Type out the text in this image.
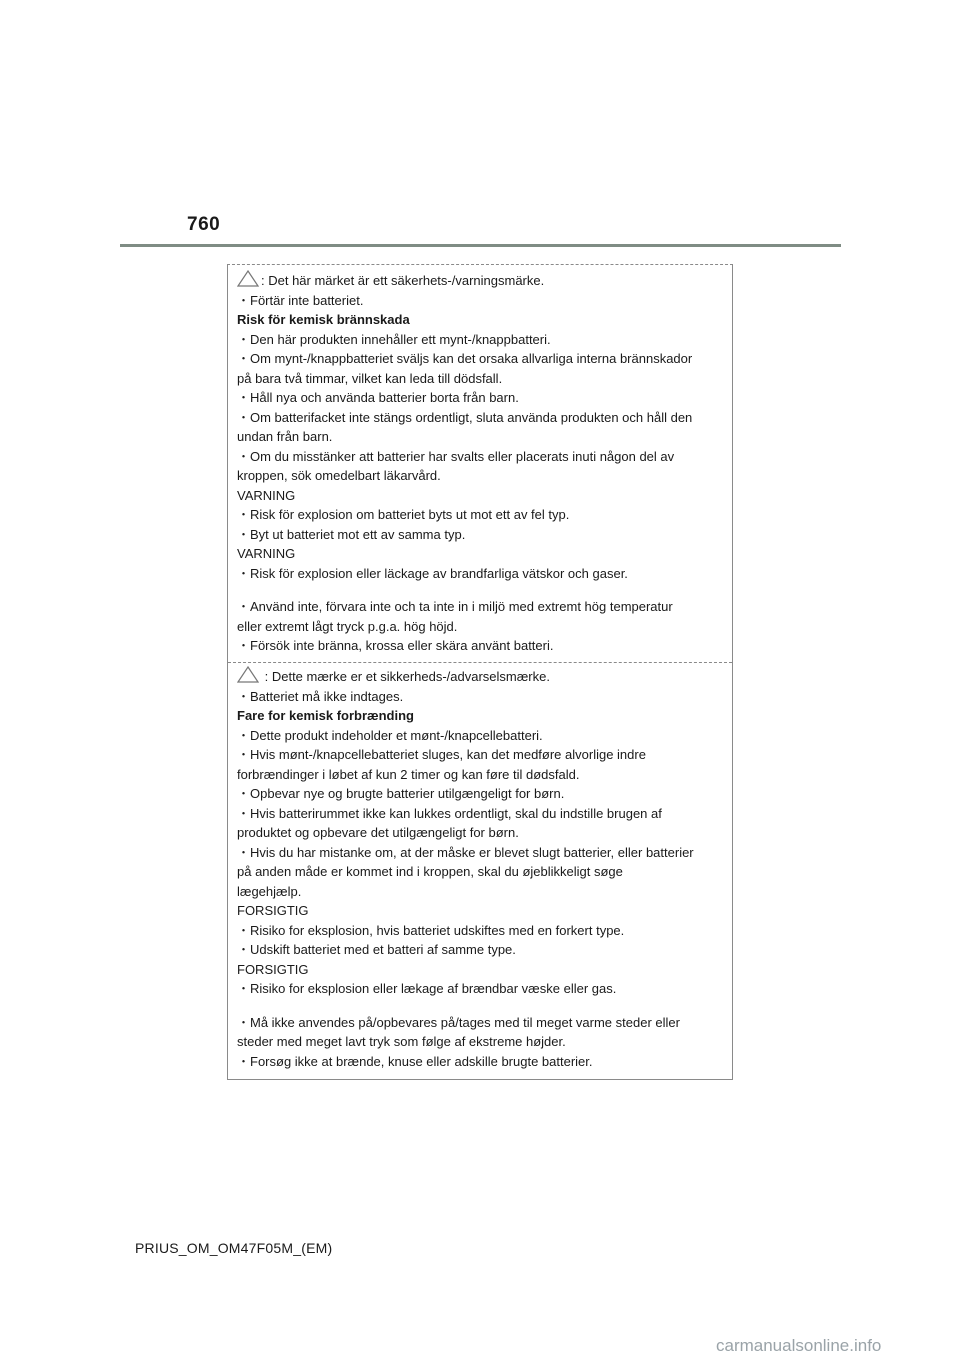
760
: Det här märket är ett säkerhets-/varningsmärke.
・Förtär inte batteriet.
Risk för kemisk brännskada
・Den här produkten innehåller ett mynt-/knappbatteri.
・Om mynt-/knappbatteriet sväljs kan det orsaka allvarliga interna brännskador
på bara två timmar, vilket kan leda till dödsfall.
・Håll nya och använda batterier borta från barn.
・Om batterifacket inte stängs ordentligt, sluta använda produkten och håll den
undan från barn.
・Om du misstänker att batterier har svalts eller placerats inuti någon del av
kroppen, sök omedelbart läkarvård.
VARNING
・Risk för explosion om batteriet byts ut mot ett av fel typ.
・Byt ut batteriet mot ett av samma typ.
VARNING
・Risk för explosion eller läckage av brandfarliga vätskor och gaser.
・Använd inte, förvara inte och ta inte in i miljö med extremt hög temperatur
eller extremt lågt tryck p.g.a. hög höjd.
・Försök inte bränna, krossa eller skära använt batteri.
: Dette mærke er et sikkerheds-/advarselsmærke.
・Batteriet må ikke indtages.
Fare for kemisk forbrænding
・Dette produkt indeholder et mønt-/knapcellebatteri.
・Hvis mønt-/knapcellebatteriet sluges, kan det medføre alvorlige indre
forbrændinger i løbet af kun 2 timer og kan føre til dødsfald.
・Opbevar nye og brugte batterier utilgængeligt for børn.
・Hvis batterirummet ikke kan lukkes ordentligt, skal du indstille brugen af
produktet og opbevare det utilgængeligt for børn.
・Hvis du har mistanke om, at der måske er blevet slugt batterier, eller batterier
på anden måde er kommet ind i kroppen, skal du øjeblikkeligt søge
lægehjælp.
FORSIGTIG
・Risiko for eksplosion, hvis batteriet udskiftes med en forkert type.
・Udskift batteriet med et batteri af samme type.
FORSIGTIG
・Risiko for eksplosion eller lækage af brændbar væske eller gas.
・Må ikke anvendes på/opbevares på/tages med til meget varme steder eller
steder med meget lavt tryk som følge af ekstreme højder.
・Forsøg ikke at brænde, knuse eller adskille brugte batterier.
PRIUS_OM_OM47F05M_(EM)
carmanualsonline.info
